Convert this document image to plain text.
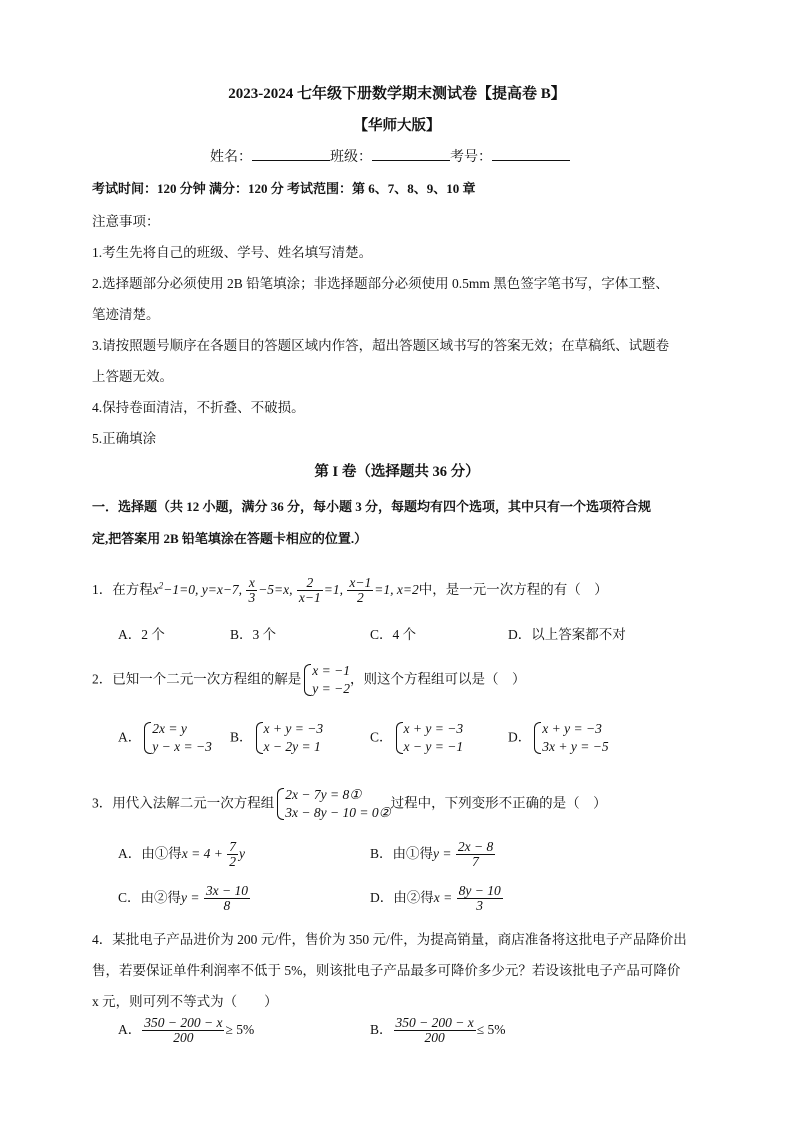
2023-2024 七年级下册数学期末测试卷【提高卷 B】
【华师大版】
姓名：	班级：	考号：
考试时间：120 分钟 满分：120 分 考试范围：第 6、7、8、9、10 章
注意事项：
1.考生先将自己的班级、学号、姓名填写清楚。
2.选择题部分必须使用 2B 铅笔填涂；非选择题部分必须使用 0.5mm 黑色签字笔书写，字体工整、
笔迹清楚。
3.请按照题号顺序在各题目的答题区域内作答，超出答题区域书写的答案无效；在草稿纸、试题卷
上答题无效。
4.保持卷面清洁，不折叠、不破损。
5.正确填涂
第 I 卷（选择题共 36 分）
一．选择题（共 12 小题，满分 36 分，每小题 3 分，每题均有四个选项，其中只有一个选项符合规
定,把答案用 2B 铅笔填涂在答题卡相应的位置.）
1．在方程$x^2-1=0$, y=x−7, $\frac{x}{3} -5=x$, $\frac{2}{x-1} =1$, $\frac{x-1}{2} =1$, x=2中，是一元一次方程的有（　）
A．2 个	B．3 个	C．4 个	D．以上答案都不对
2．已知一个二元一次方程组的解是
x = −1
y = −2
，则这个方程组可以是（　）
A．
2x = y
y − x = −3
B．
x + y = −3
x − 2y = 1
C．
x + y = −3
x − y = −1
D．
x + y = −3
3x + y = −5
3．用代入法解二元一次方程组
2x − 7y = 8①
3x − 8y − 10 = 0②
过程中，下列变形不正确的是（　）
A．由①得$x = 4 + \frac{7}{2}$ y	B．由①得$y = \frac{2x - 8}{7}$
C．由②得$y = \frac{3x - 10}{8}$	D．由②得$x = \frac{8y - 10}{3}$
4．某批电子产品进价为 200 元/件，售价为 350 元/件，为提高销量，商店准备将这批电子产品降价出
售，若要保证单件利润率不低于 5%，则该批电子产品最多可降价多少元？若设该批电子产品可降价
x 元，则可列不等式为（　　）
A． $\frac{350 - 200 - x}{200} \ge 5\%$	B． $\frac{350 - 200 - x}{200} \le 5\%$
